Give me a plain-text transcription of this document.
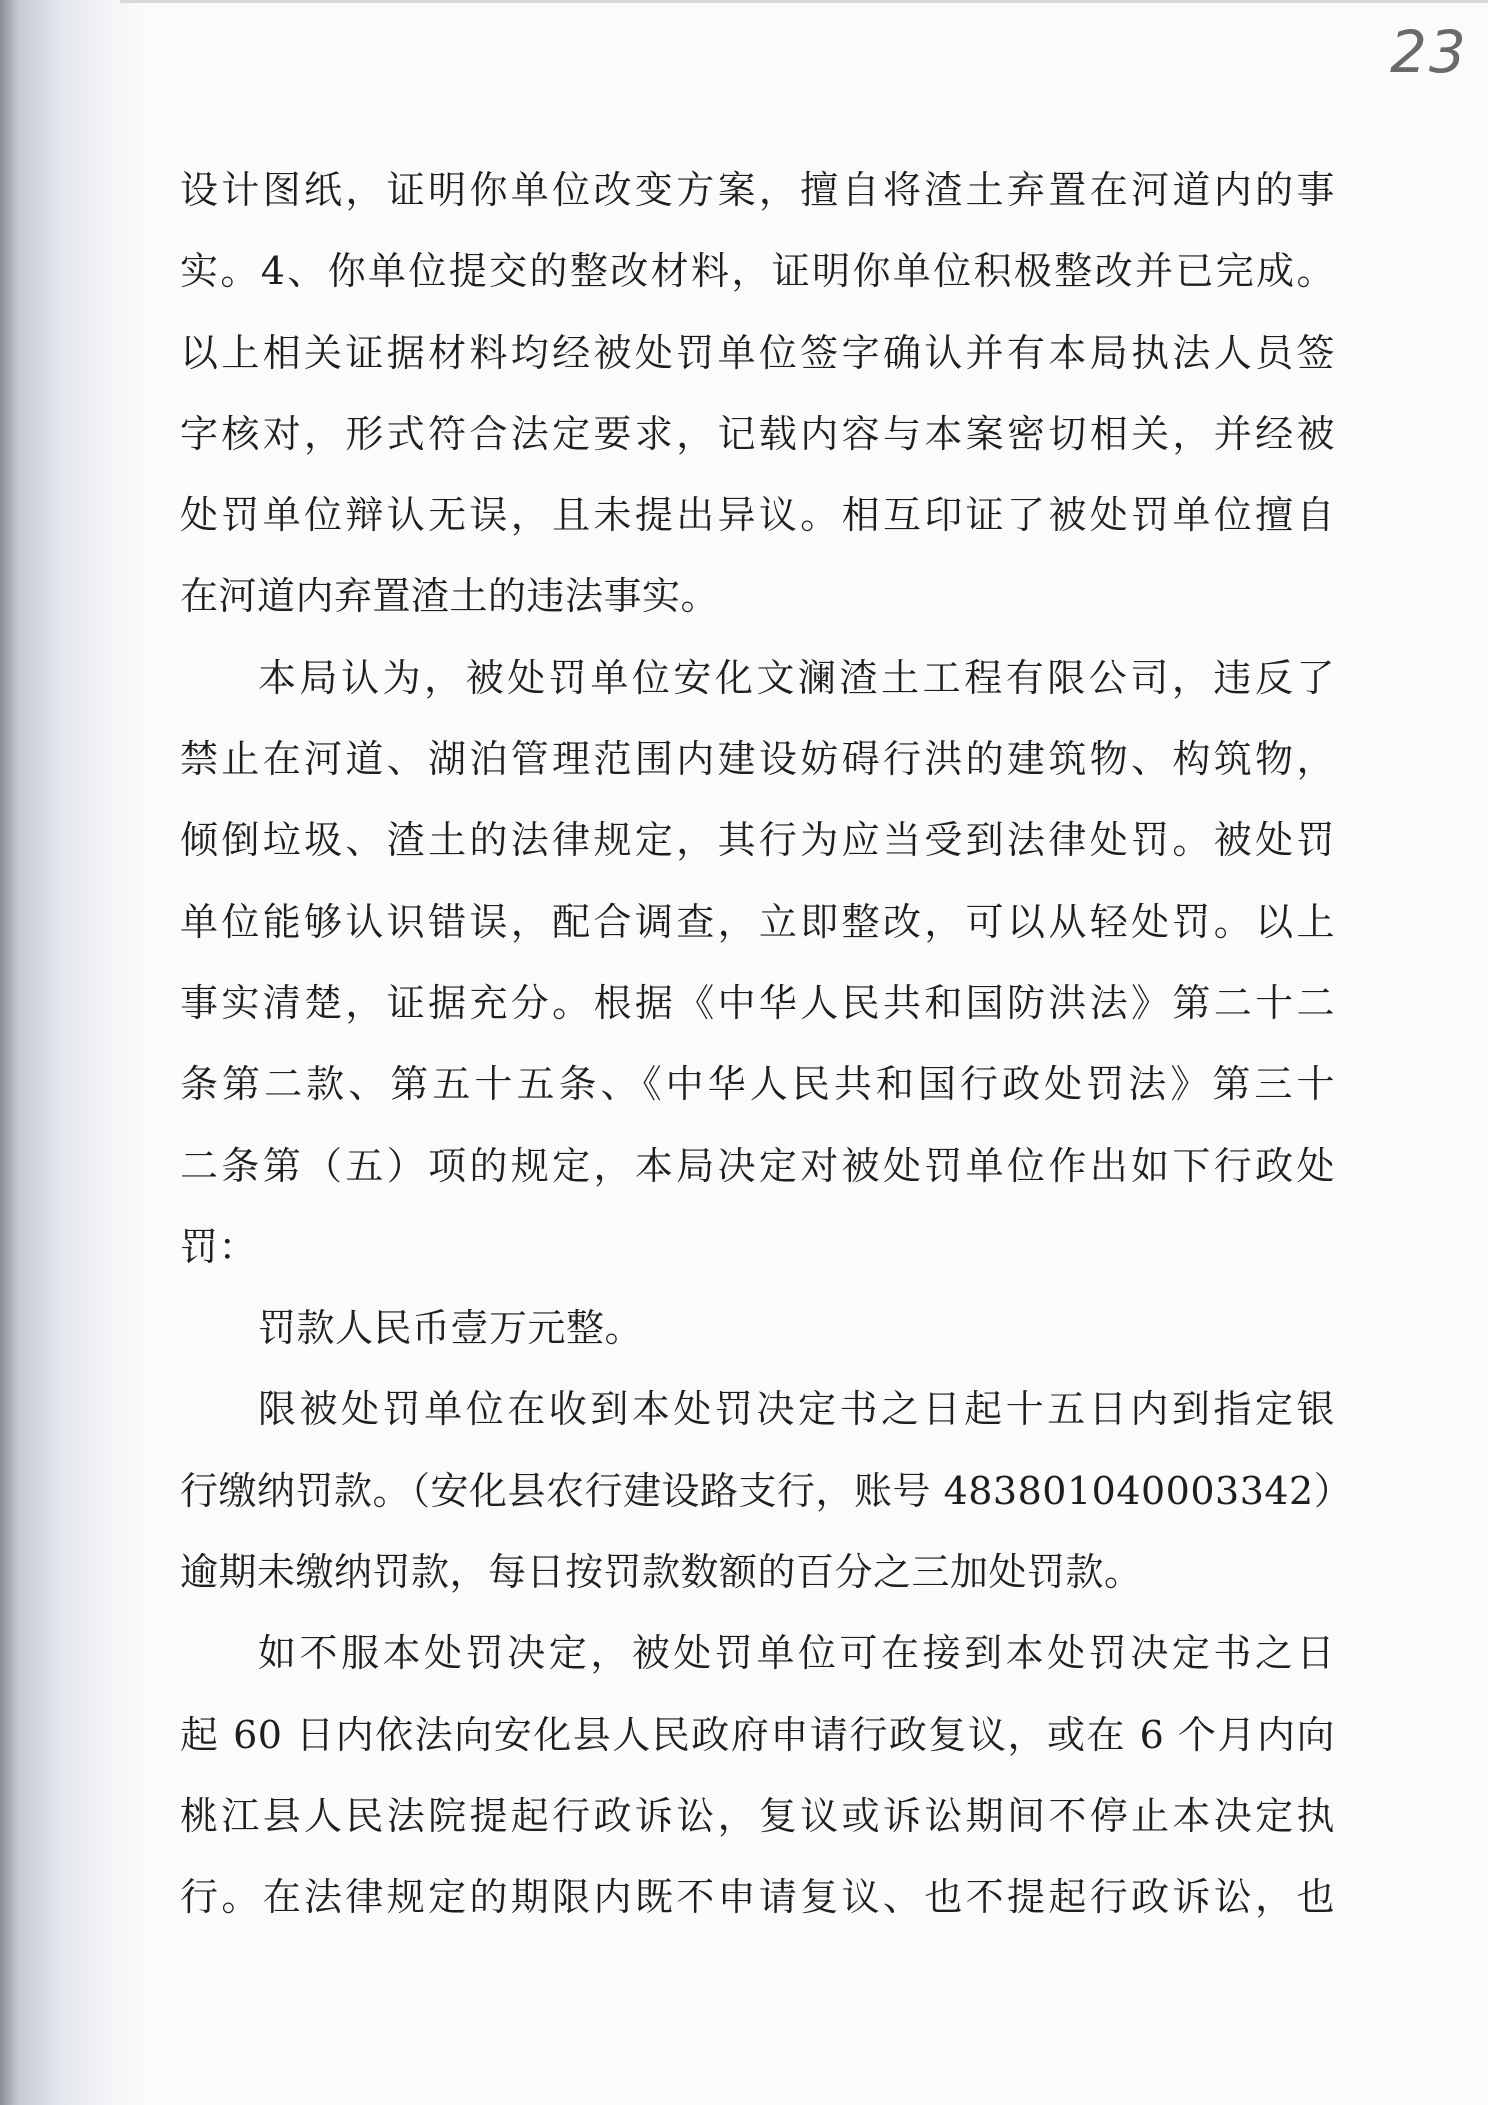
23
设计图纸，证明你单位改变方案，擅自将渣土弃置在河道内的事
实。4、你单位提交的整改材料，证明你单位积极整改并已完成。
以上相关证据材料均经被处罚单位签字确认并有本局执法人员签
字核对，形式符合法定要求，记载内容与本案密切相关，并经被
处罚单位辩认无误，且未提出异议。相互印证了被处罚单位擅自
在河道内弃置渣土的违法事实。
本局认为，被处罚单位安化文澜渣土工程有限公司，违反了
禁止在河道、湖泊管理范围内建设妨碍行洪的建筑物、构筑物，
倾倒垃圾、渣土的法律规定，其行为应当受到法律处罚。被处罚
单位能够认识错误，配合调查，立即整改，可以从轻处罚。以上
事实清楚，证据充分。根据《中华人民共和国防洪法》第二十二
条第二款、第五十五条、《中华人民共和国行政处罚法》第三十
二条第（五）项的规定，本局决定对被处罚单位作出如下行政处
罚：
罚款人民币壹万元整。
限被处罚单位在收到本处罚决定书之日起十五日内到指定银
行缴纳罚款。（安化县农行建设路支行，账号 483801040003342）
逾期未缴纳罚款，每日按罚款数额的百分之三加处罚款。
如不服本处罚决定，被处罚单位可在接到本处罚决定书之日
起 60 日内依法向安化县人民政府申请行政复议，或在 6 个月内向
桃江县人民法院提起行政诉讼，复议或诉讼期间不停止本决定执
行。在法律规定的期限内既不申请复议、也不提起行政诉讼，也
